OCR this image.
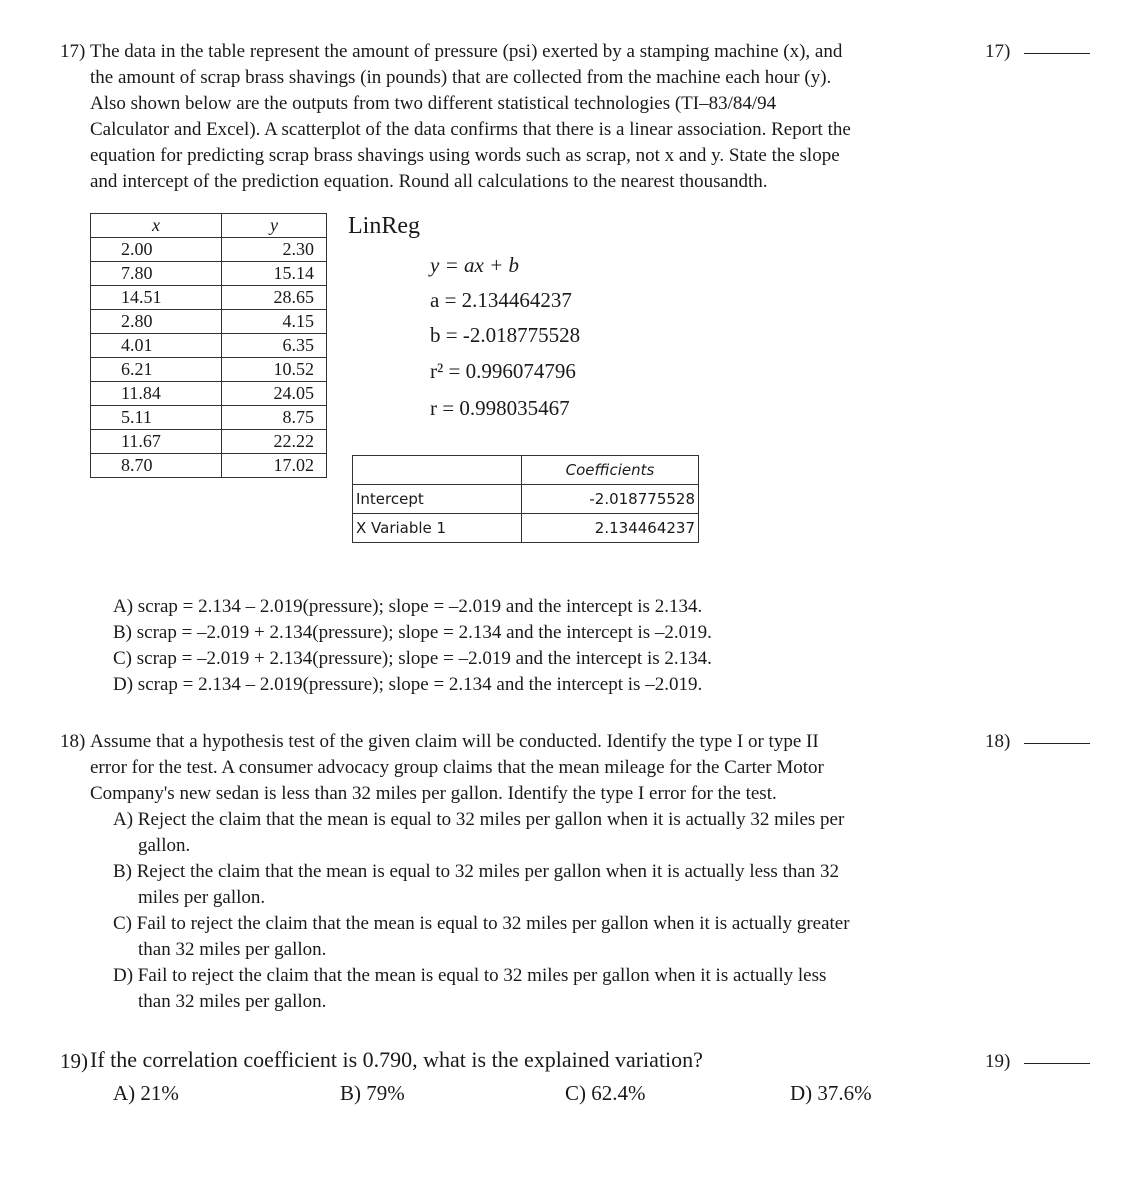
17) The data in the table represent the amount of pressure (psi) exerted by a stamping machine (x), and
the amount of scrap brass shavings (in pounds) that are collected from the machine each hour (y).
Also shown below are the outputs from two different statistical technologies (TI–83/84/94
Calculator and Excel). A scatterplot of the data confirms that there is a linear association. Report the
equation for predicting scrap brass shavings using words such as scrap, not x and y. State the slope
and intercept of the prediction equation. Round all calculations to the nearest thousandth.
17)
x	y
2.00	2.30
7.80	15.14
14.51	28.65
2.80	4.15
4.01	6.35
6.21	10.52
11.84	24.05
5.11	8.75
11.67	22.22
8.70	17.02
LinReg
y = ax + b
a = 2.134464237
b = -2.018775528
r² = 0.996074796
r = 0.998035467
	Coefficients
Intercept	-2.018775528
X Variable 1	2.134464237
A) scrap = 2.134 – 2.019(pressure); slope = –2.019 and the intercept is 2.134.
B) scrap = –2.019 + 2.134(pressure); slope = 2.134 and the intercept is –2.019.
C) scrap = –2.019 + 2.134(pressure); slope = –2.019 and the intercept is 2.134.
D) scrap = 2.134 – 2.019(pressure); slope = 2.134 and the intercept is –2.019.
18) Assume that a hypothesis test of the given claim will be conducted. Identify the type I or type II
error for the test. A consumer advocacy group claims that the mean mileage for the Carter Motor
Company's new sedan is less than 32 miles per gallon. Identify the type I error for the test.
18)
A) Reject the claim that the mean is equal to 32 miles per gallon when it is actually 32 miles per
gallon.
B) Reject the claim that the mean is equal to 32 miles per gallon when it is actually less than 32
miles per gallon.
C) Fail to reject the claim that the mean is equal to 32 miles per gallon when it is actually greater
than 32 miles per gallon.
D) Fail to reject the claim that the mean is equal to 32 miles per gallon when it is actually less
than 32 miles per gallon.
19) If the correlation coefficient is 0.790, what is the explained variation?	19)
A) 21%	B) 79%	C) 62.4%	D) 37.6%
